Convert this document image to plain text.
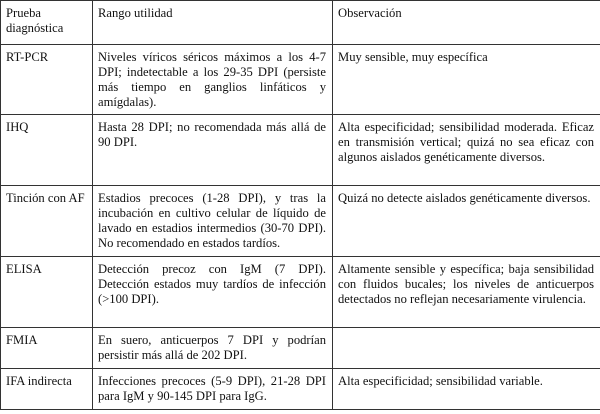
Prueba diagnóstica	Rango utilidad	Observación
RT-PCR	Niveles víricos séricos máximos a los 4-7 DPI; indetectable a los 29-35 DPI (persiste más tiempo en ganglios linfáticos y amígdalas).	Muy sensible, muy específica
IHQ	Hasta 28 DPI; no recomendada más allá de 90 DPI.	Alta especificidad; sensibilidad moderada. Eficaz en transmisión vertical; quizá no sea eficaz con algunos aislados genéticamente diversos.
Tinción con AF	Estadios precoces (1-28 DPI), y tras la incubación en cultivo celular de líquido de lavado en estadios intermedios (30-70 DPI). No recomendado en estados tardíos.	Quizá no detecte aislados genéticamente diversos.
ELISA	Detección precoz con IgM (7 DPI). Detección estados muy tardíos de infección (>100 DPI).	Altamente sensible y específica; baja sensibilidad con fluidos bucales; los niveles de anticuerpos detectados no reflejan necesariamente virulencia.
FMIA	En suero, anticuerpos 7 DPI y podrían persistir más allá de 202 DPI.	
IFA indirecta	Infecciones precoces (5-9 DPI), 21-28 DPI para IgM y 90-145 DPI para IgG.	Alta especificidad; sensibilidad variable.
